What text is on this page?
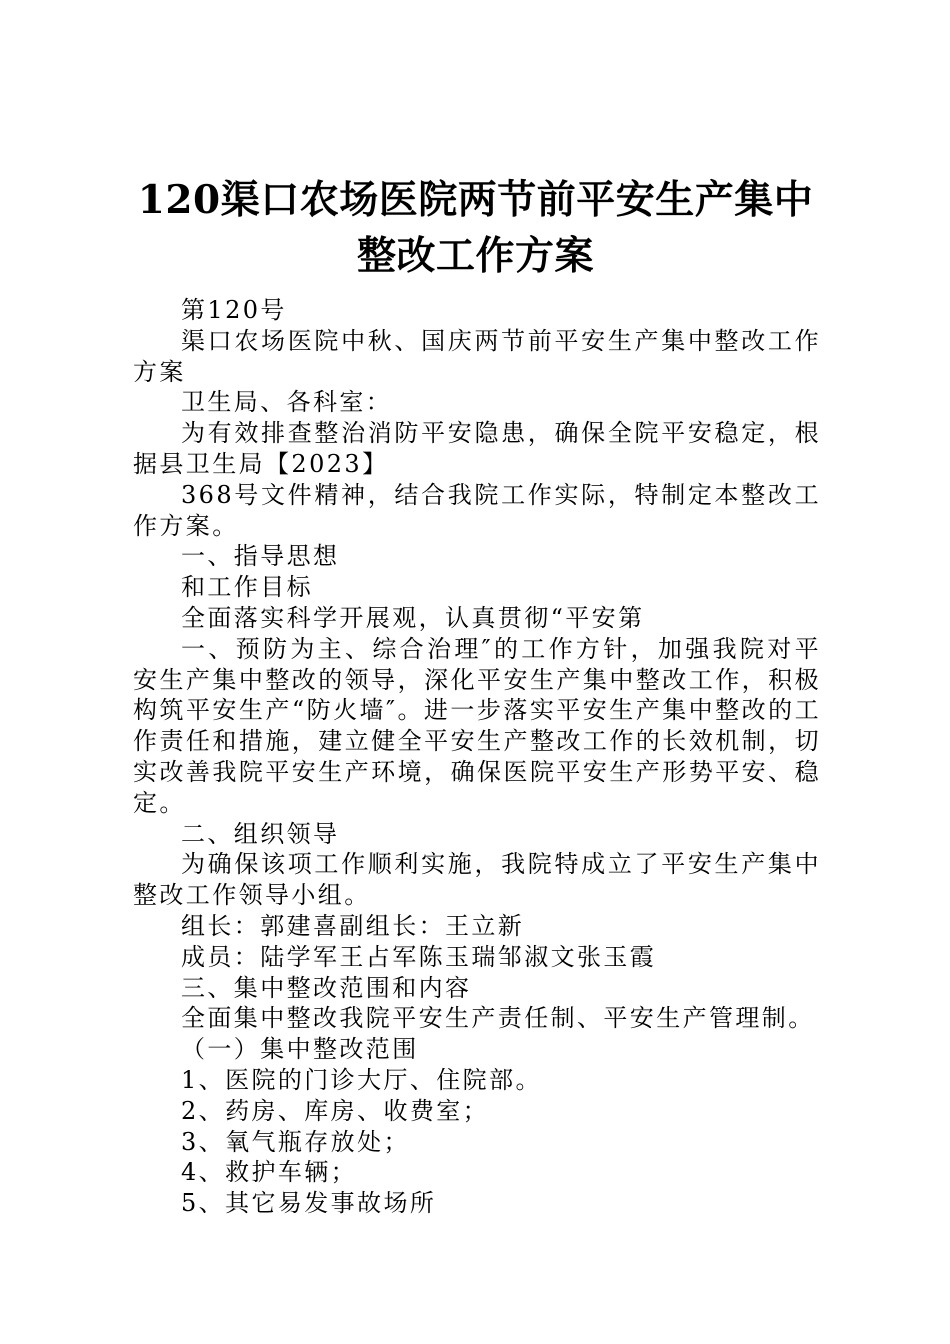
120渠口农场医院两节前平安生产集中整改工作方案

第120号

渠口农场医院中秋、国庆两节前平安生产集中整改工作方案

卫生局、各科室：

为有效排查整治消防平安隐患，确保全院平安稳定，根据县卫生局【2023】

368号文件精神，结合我院工作实际，特制定本整改工作方案。

一、指导思想

和工作目标

全面落实科学开展观，认真贯彻“平安第

一、预防为主、综合治理″的工作方针，加强我院对平安生产集中整改的领导，深化平安生产集中整改工作，积极构筑平安生产“防火墙″。进一步落实平安生产集中整改的工作责任和措施，建立健全平安生产整改工作的长效机制，切实改善我院平安生产环境，确保医院平安生产形势平安、稳定。

二、组织领导

为确保该项工作顺利实施，我院特成立了平安生产集中整改工作领导小组。

组长：郭建喜副组长：王立新

成员：陆学军王占军陈玉瑞邹淑文张玉霞

三、集中整改范围和内容

全面集中整改我院平安生产责任制、平安生产管理制。

（一）集中整改范围

1、医院的门诊大厅、住院部。

2、药房、库房、收费室；

3、氧气瓶存放处；

4、救护车辆；

5、其它易发事故场所
